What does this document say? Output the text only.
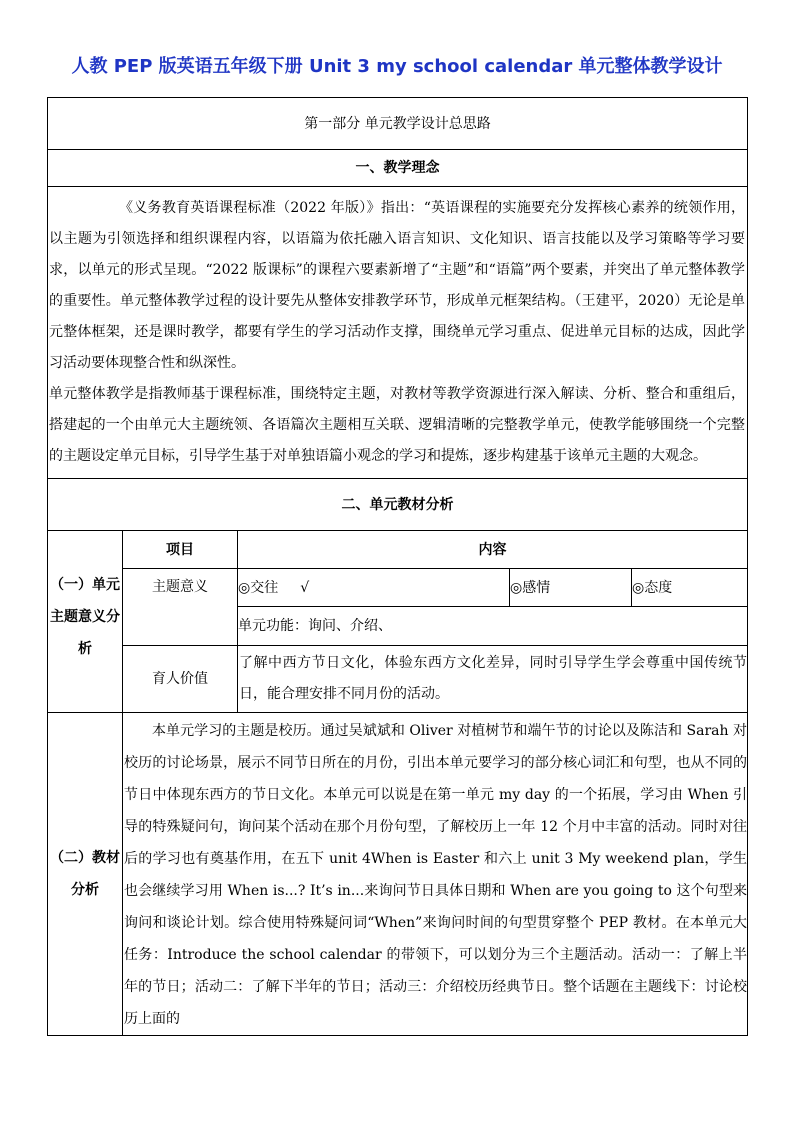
人教 PEP 版英语五年级下册 Unit 3 my school calendar 单元整体教学设计
第一部分 单元教学设计总思路				
一、教学理念				

《义务教育英语课程标准（2022 年版）》指出：“英语课程的实施要充分发挥核心素养的统领作用，以主题为引领选择和组织课程内容，以语篇为依托融入语言知识、文化知识、语言技能以及学习策略等学习要求，以单元的形式呈现。“2022 版课标”的课程六要素新增了“主题”和“语篇”两个要素，并突出了单元整体教学的重要性。单元整体教学过程的设计要先从整体安排教学环节，形成单元框架结构。（王建平，2020）无论是单元整体框架，还是课时教学，都要有学生的学习活动作支撑，围绕单元学习重点、促进单元目标的达成，因此学习活动要体现整合性和纵深性。

单元整体教学是指教师基于课程标准，围绕特定主题，对教材等教学资源进行深入解读、分析、整合和重组后，搭建起的一个由单元大主题统领、各语篇次主题相互关联、逻辑清晰的完整教学单元，使教学能够围绕一个完整的主题设定单元目标，引导学生基于对单独语篇小观念的学习和提炼，逐步构建基于该单元主题的大观念。				

二、单元教材分析				
	项目	内容		
（一）单元主题意义分析	主题意义	◎交往 √	◎感情	◎态度
		单元功能：询问、介绍、		
	育人价值	了解中西方节日文化，体验东西方文化差异，同时引导学生学会尊重中国传统节日，能合理安排不同月份的活动。		
（二）教材分析	本单元学习的主题是校历。通过吴斌斌和 Oliver 对植树节和端午节的讨论以及陈洁和 Sarah 对校历的讨论场景，展示不同节日所在的月份，引出本单元要学习的部分核心词汇和句型，也从不同的节日中体现东西方的节日文化。本单元可以说是在第一单元 my day 的一个拓展，学习由 When 引导的特殊疑问句，询问某个活动在那个月份句型，了解校历上一年 12 个月中丰富的活动。同时对往后的学习也有奠基作用，在五下 unit 4When is Easter 和六上 unit 3 My weekend plan，学生也会继续学习用 When is...? It’s in...来询问节日具体日期和 When are you going to 这个句型来询问和谈论计划。综合使用特殊疑问词“When”来询问时间的句型贯穿整个 PEP 教材。在本单元大任务：Introduce the school calendar 的带领下，可以划分为三个主题活动。活动一：了解上半年的节日；活动二：了解下半年的节日；活动三：介绍校历经典节日。整个话题在主题线下：讨论校历上面的			
